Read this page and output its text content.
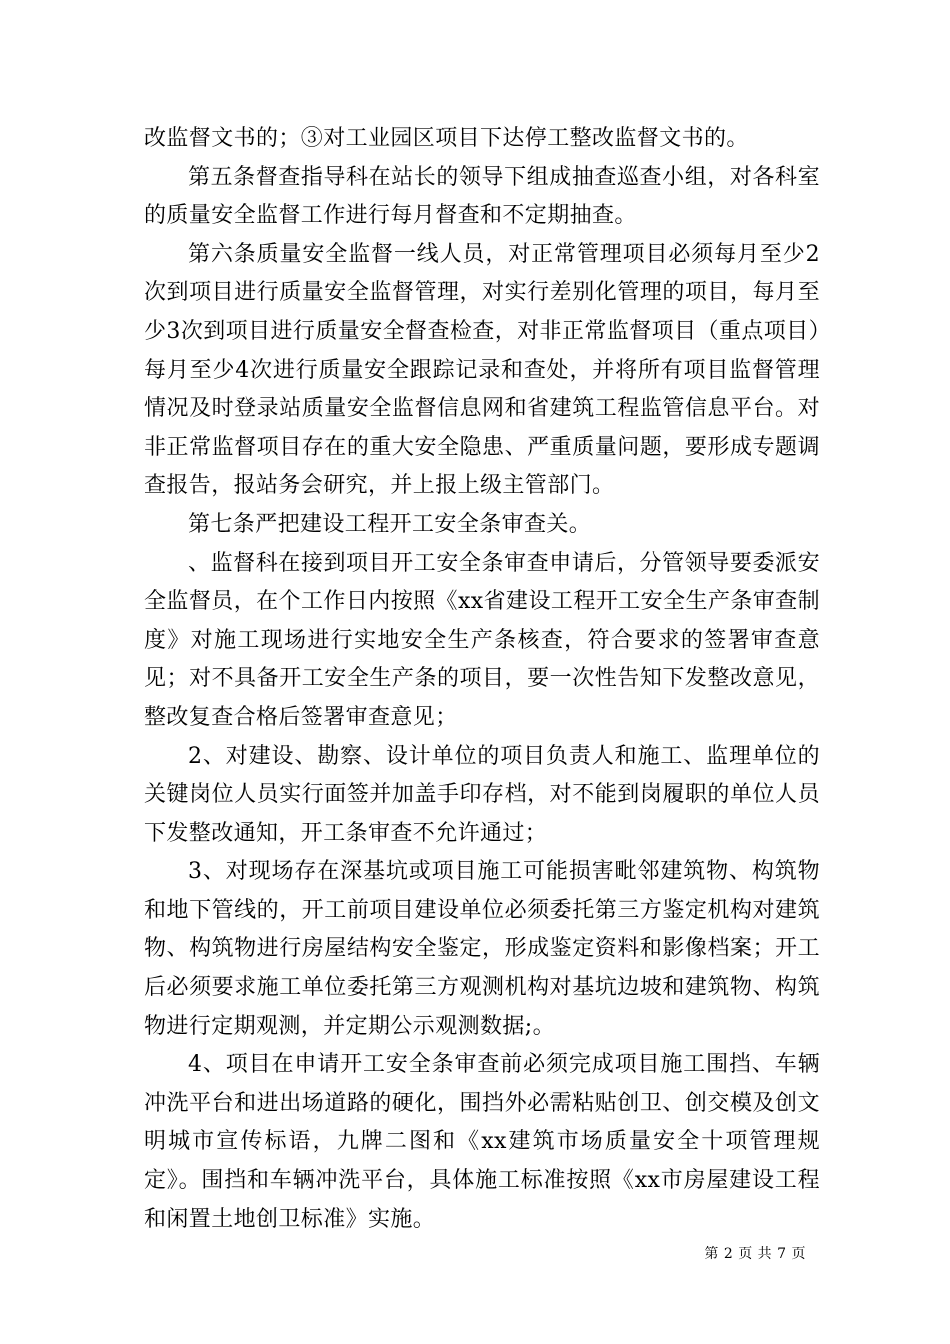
改监督文书的；③对工业园区项目下达停工整改监督文书的。

第五条督查指导科在站长的领导下组成抽查巡查小组，对各科室的质量安全监督工作进行每月督查和不定期抽查。

第六条质量安全监督一线人员，对正常管理项目必须每月至少2次到项目进行质量安全监督管理，对实行差别化管理的项目，每月至少3次到项目进行质量安全督查检查，对非正常监督项目（重点项目）每月至少4次进行质量安全跟踪记录和查处，并将所有项目监督管理情况及时登录站质量安全监督信息网和省建筑工程监管信息平台。对非正常监督项目存在的重大安全隐患、严重质量问题，要形成专题调查报告，报站务会研究，并上报上级主管部门。

第七条严把建设工程开工安全条审查关。

、监督科在接到项目开工安全条审查申请后，分管领导要委派安全监督员，在个工作日内按照《xx省建设工程开工安全生产条审查制度》对施工现场进行实地安全生产条核查，符合要求的签署审查意见；对不具备开工安全生产条的项目，要一次性告知下发整改意见，整改复查合格后签署审查意见；

2、对建设、勘察、设计单位的项目负责人和施工、监理单位的关键岗位人员实行面签并加盖手印存档，对不能到岗履职的单位人员下发整改通知，开工条审查不允许通过；

3、对现场存在深基坑或项目施工可能损害毗邻建筑物、构筑物和地下管线的，开工前项目建设单位必须委托第三方鉴定机构对建筑物、构筑物进行房屋结构安全鉴定，形成鉴定资料和影像档案；开工后必须要求施工单位委托第三方观测机构对基坑边坡和建筑物、构筑物进行定期观测，并定期公示观测数据;。

4、项目在申请开工安全条审查前必须完成项目施工围挡、车辆冲洗平台和进出场道路的硬化，围挡外必需粘贴创卫、创交模及创文明城市宣传标语，九牌二图和《xx建筑市场质量安全十项管理规定》。围挡和车辆冲洗平台，具体施工标准按照《xx市房屋建设工程和闲置土地创卫标准》实施。

第 2 页 共 7 页
